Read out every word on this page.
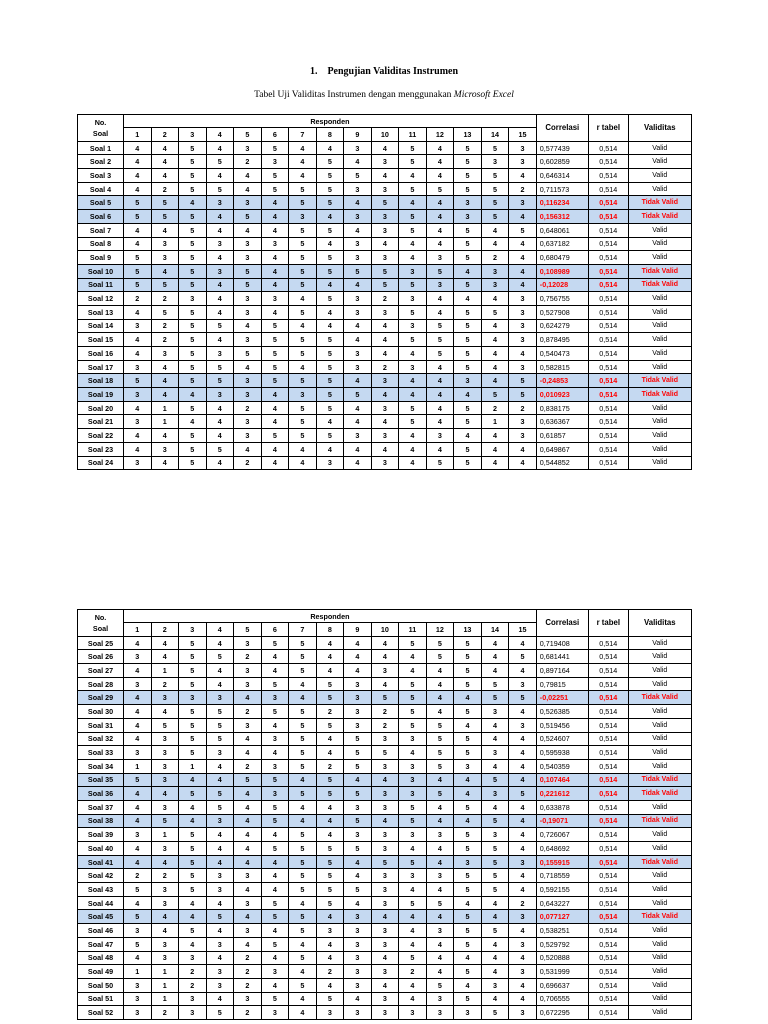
1. Pengujian Validitas Instrumen
Tabel Uji Validitas Instrumen dengan menggunakan Microsoft Excel
No.
Soal	Responden															Correlasi	r tabel	Validitas
	1	2	3	4	5	6	7	8	9	10	11	12	13	14	15			
Soal 1	4	4	5	4	3	5	4	4	3	4	5	4	5	5	3	0,577439	0,514	Valid
Soal 2	4	4	5	5	2	3	4	5	4	3	5	4	5	3	3	0,602859	0,514	Valid
Soal 3	4	4	5	4	4	5	4	5	5	4	4	4	5	5	4	0,646314	0,514	Valid
Soal 4	4	2	5	5	4	5	5	5	3	3	5	5	5	5	2	0,711573	0,514	Valid
Soal 5	5	5	4	3	3	4	5	5	4	5	4	4	3	5	3	0,116234	0,514	Tidak Valid
Soal 6	5	5	5	4	5	4	3	4	3	3	5	4	3	5	4	0,156312	0,514	Tidak Valid
Soal 7	4	4	5	4	4	4	5	5	4	3	5	4	5	4	5	0,648061	0,514	Valid
Soal 8	4	3	5	3	3	3	5	4	3	4	4	4	5	4	4	0,637182	0,514	Valid
Soal 9	5	3	5	4	3	4	5	5	3	3	4	3	5	2	4	0,680479	0,514	Valid
Soal 10	5	4	5	3	5	4	5	5	5	5	3	5	4	3	4	0,108989	0,514	Tidak Valid
Soal 11	5	5	5	4	5	4	5	4	4	5	5	3	5	3	4	-0,12028	0,514	Tidak Valid
Soal 12	2	2	3	4	3	3	4	5	3	2	3	4	4	4	3	0,756755	0,514	Valid
Soal 13	4	5	5	4	3	4	5	4	3	3	5	4	5	5	3	0,527908	0,514	Valid
Soal 14	3	2	5	5	4	5	4	4	4	4	3	5	5	4	3	0,624279	0,514	Valid
Soal 15	4	2	5	4	3	5	5	5	4	4	5	5	5	4	3	0,878495	0,514	Valid
Soal 16	4	3	5	3	5	5	5	5	3	4	4	5	5	4	4	0,540473	0,514	Valid
Soal 17	3	4	5	5	4	5	4	5	3	2	3	4	5	4	3	0,582815	0,514	Valid
Soal 18	5	4	5	5	3	5	5	5	4	3	4	4	3	4	5	-0,24853	0,514	Tidak Valid
Soal 19	3	4	4	3	3	4	3	5	5	4	4	4	4	5	5	0,010923	0,514	Tidak Valid
Soal 20	4	1	5	4	2	4	5	5	4	3	5	4	5	2	2	0,838175	0,514	Valid
Soal 21	3	1	4	4	3	4	5	4	4	4	5	4	5	1	3	0,636367	0,514	Valid
Soal 22	4	4	5	4	3	5	5	5	3	3	4	3	4	4	3	0,61857	0,514	Valid
Soal 23	4	3	5	5	4	4	4	4	4	4	4	4	5	4	4	0,649867	0,514	Valid
Soal 24	3	4	5	4	2	4	4	3	4	3	4	5	5	4	4	0,544852	0,514	Valid
No.
Soal	Responden															Correlasi	r tabel	Validitas
	1	2	3	4	5	6	7	8	9	10	11	12	13	14	15			
Soal 25	4	4	5	4	3	5	5	4	4	4	5	5	5	4	4	0,719408	0,514	Valid
Soal 26	3	4	5	5	2	4	5	4	4	4	4	5	5	4	5	0,681441	0,514	Valid
Soal 27	4	1	5	4	3	4	5	4	4	3	4	4	5	4	4	0,897164	0,514	Valid
Soal 28	3	2	5	4	3	5	4	5	3	4	5	4	5	5	3	0,79815	0,514	Valid
Soal 29	4	3	3	3	4	3	4	5	3	5	5	4	4	5	5	-0,02251	0,514	Tidak Valid
Soal 30	4	4	5	5	2	5	5	2	3	2	5	4	5	3	4	0,526385	0,514	Valid
Soal 31	4	5	5	5	3	4	5	5	3	2	5	5	4	4	3	0,519456	0,514	Valid
Soal 32	4	3	5	5	4	3	5	4	5	3	3	5	5	4	4	0,524607	0,514	Valid
Soal 33	3	3	5	3	4	4	5	4	5	5	4	5	5	3	4	0,595938	0,514	Valid
Soal 34	1	3	1	4	2	3	5	2	5	3	3	5	3	4	4	0,540359	0,514	Valid
Soal 35	5	3	4	4	5	5	4	5	4	4	3	4	4	5	4	0,107464	0,514	Tidak Valid
Soal 36	4	4	5	5	4	3	5	5	5	3	3	5	4	3	5	0,221612	0,514	Tidak Valid
Soal 37	4	3	4	5	4	5	4	4	3	3	5	4	5	4	4	0,633878	0,514	Valid
Soal 38	4	5	4	3	4	5	4	4	5	4	5	4	4	5	4	-0,19071	0,514	Tidak Valid
Soal 39	3	1	5	4	4	4	5	4	3	3	3	3	5	3	4	0,726067	0,514	Valid
Soal 40	4	3	5	4	4	5	5	5	5	3	4	4	5	5	4	0,648692	0,514	Valid
Soal 41	4	4	5	4	4	4	5	5	4	5	5	4	3	5	3	0,155915	0,514	Tidak Valid
Soal 42	2	2	5	3	3	4	5	5	4	3	3	3	5	5	4	0,718559	0,514	Valid
Soal 43	5	3	5	3	4	4	5	5	5	3	4	4	5	5	4	0,592155	0,514	Valid
Soal 44	4	3	4	4	3	5	4	5	4	3	5	5	4	4	2	0,643227	0,514	Valid
Soal 45	5	4	4	5	4	5	5	4	3	4	4	4	5	4	3	0,077127	0,514	Tidak Valid
Soal 46	3	4	5	4	3	4	5	3	3	3	4	3	5	5	4	0,538251	0,514	Valid
Soal 47	5	3	4	3	4	5	4	4	3	3	4	4	5	4	3	0,529792	0,514	Valid
Soal 48	4	3	3	4	2	4	5	4	3	4	5	4	4	4	4	0,520888	0,514	Valid
Soal 49	1	1	2	3	2	3	4	2	3	3	2	4	5	4	3	0,531999	0,514	Valid
Soal 50	3	1	2	3	2	4	5	4	3	4	4	5	4	3	4	0,696637	0,514	Valid
Soal 51	3	1	3	4	3	5	4	5	4	3	4	3	5	4	4	0,706555	0,514	Valid
Soal 52	3	2	3	5	2	3	4	3	3	3	3	3	3	5	3	0,672295	0,514	Valid
